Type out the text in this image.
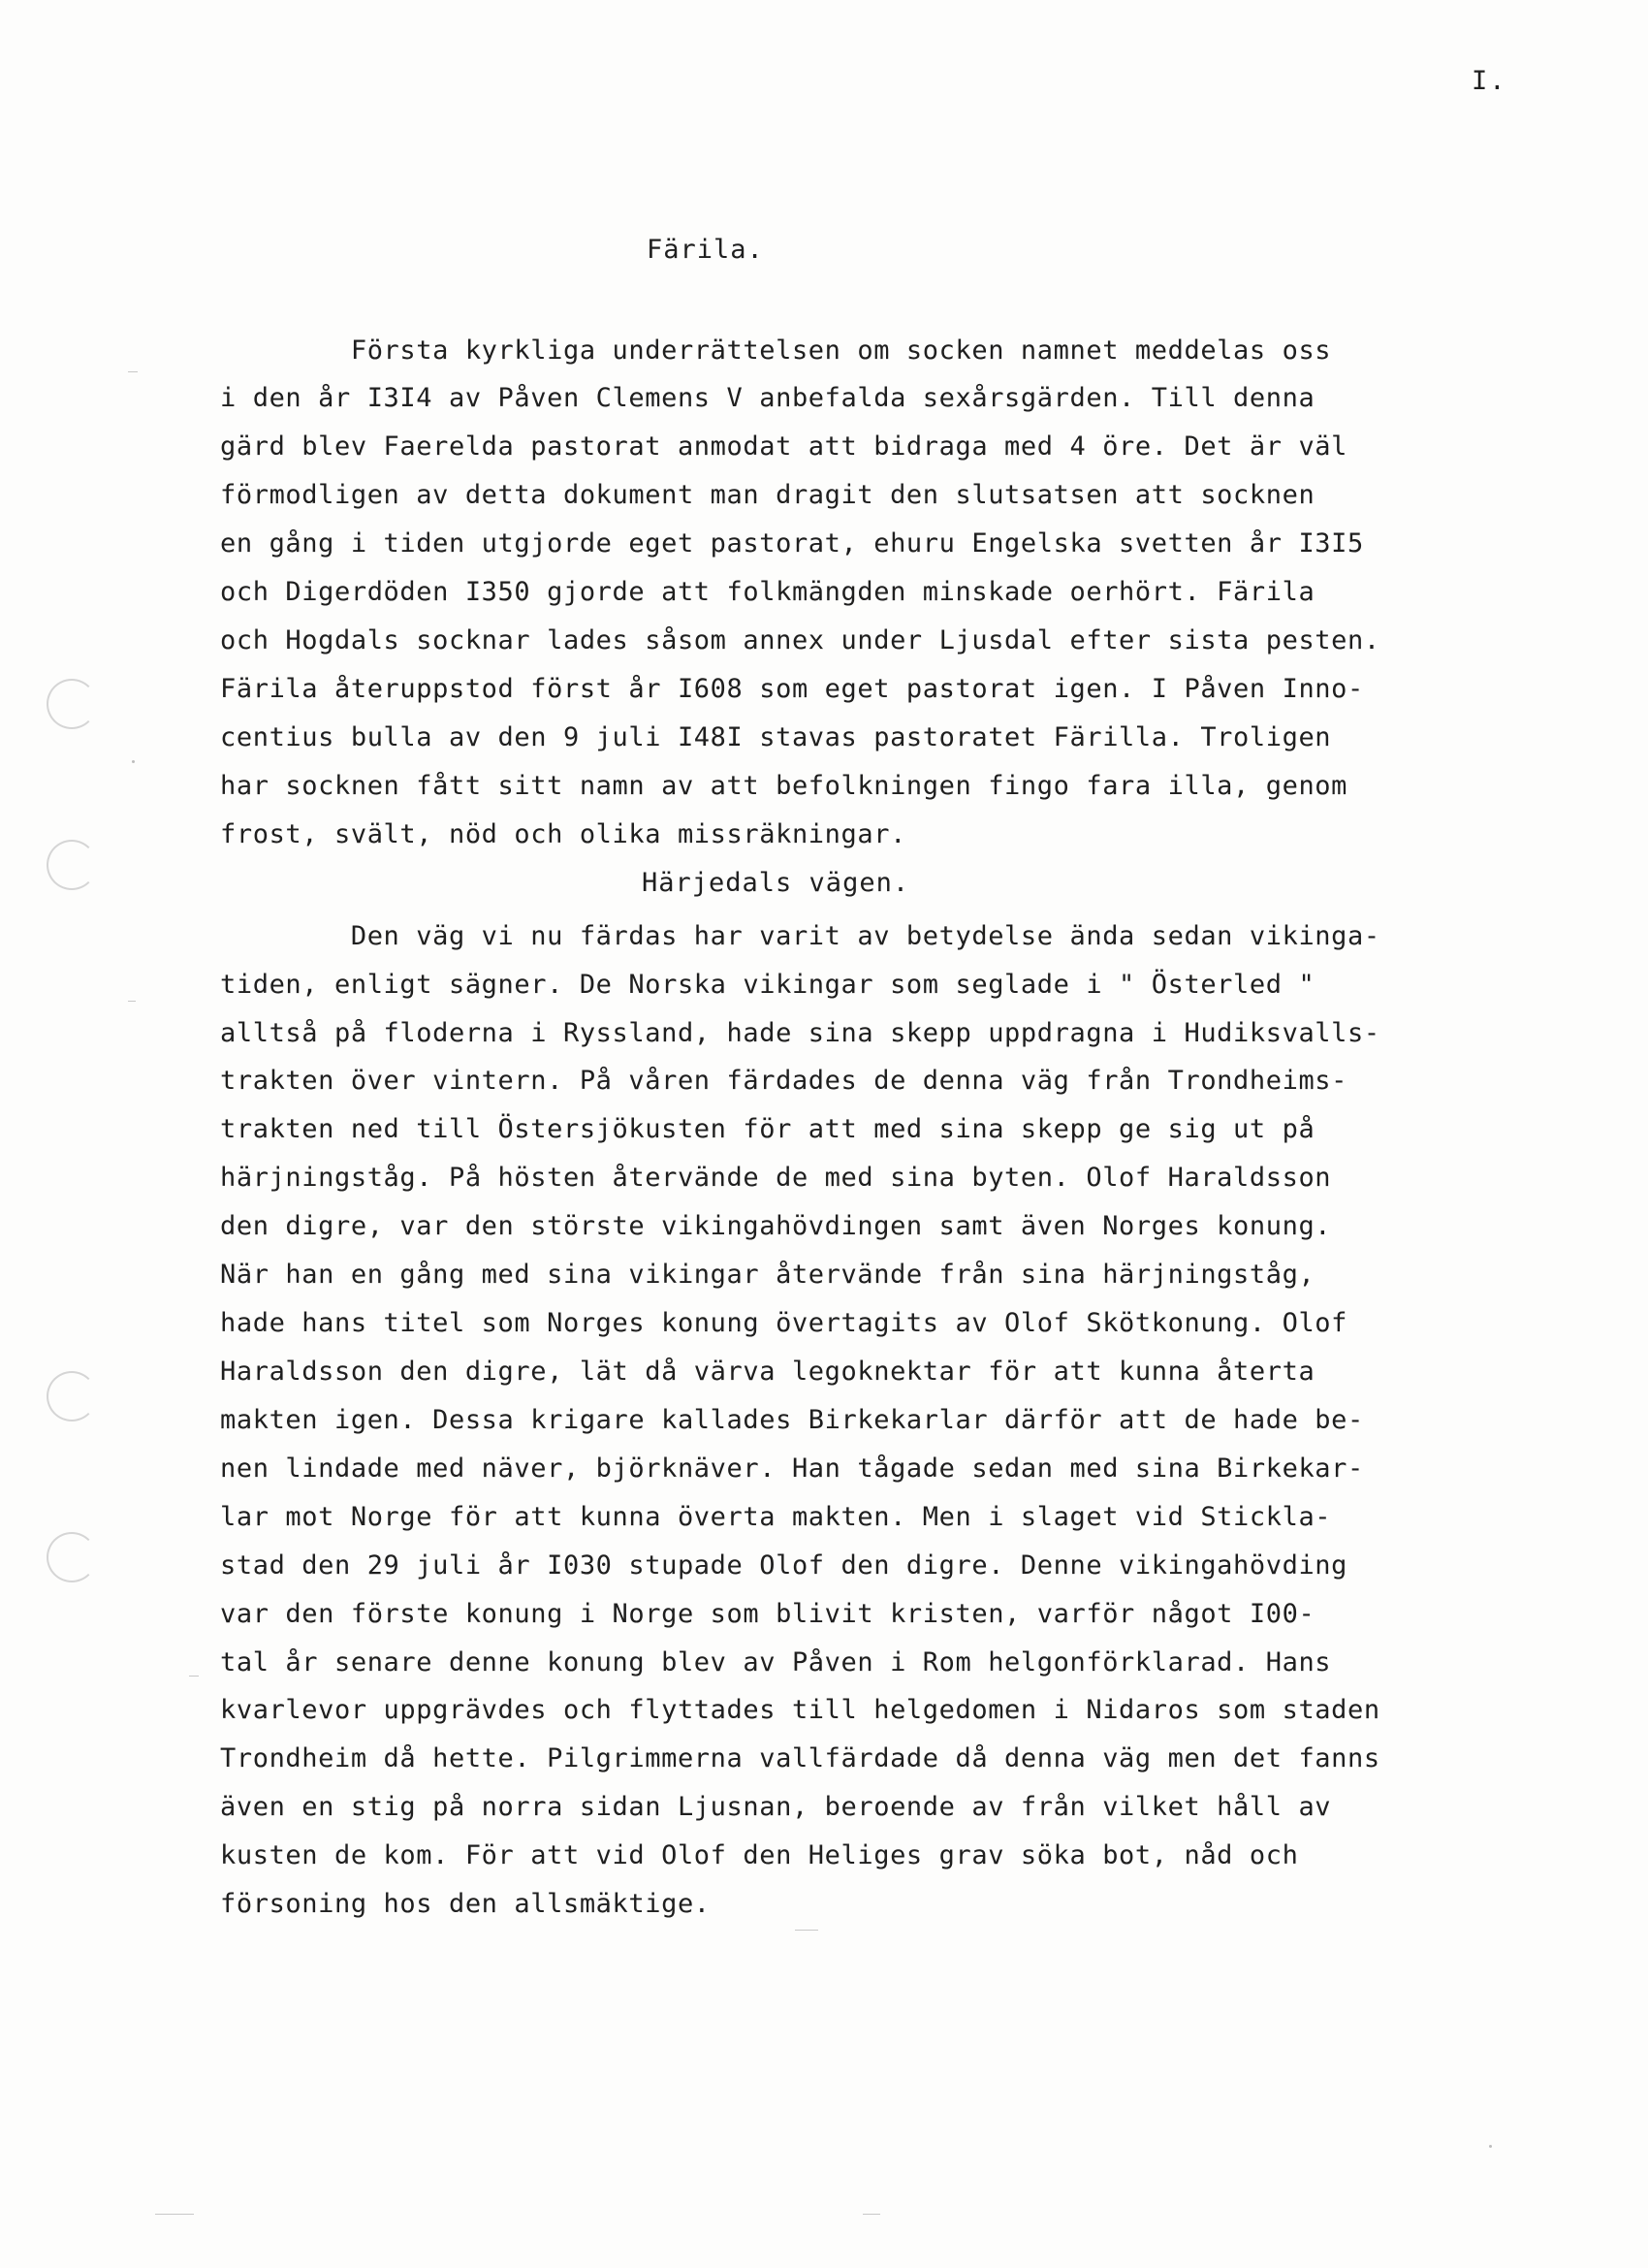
I.
Färila.
Första kyrkliga underrättelsen om socken namnet meddelas oss
i den år I3I4 av Påven Clemens V anbefalda sexårsgärden. Till denna
gärd blev Faerelda pastorat anmodat att bidraga med 4 öre. Det är väl
förmodligen av detta dokument man dragit den slutsatsen att socknen
en gång i tiden utgjorde eget pastorat, ehuru Engelska svetten år I3I5
och Digerdöden I350 gjorde att folkmängden minskade oerhört. Färila
och Hogdals socknar lades såsom annex under Ljusdal efter sista pesten.
Färila återuppstod först år I608 som eget pastorat igen. I Påven Inno-
centius bulla av den 9 juli I48I stavas pastoratet Färilla. Troligen
har socknen fått sitt namn av att befolkningen fingo fara illa, genom
frost, svält, nöd och olika missräkningar.
Härjedals vägen.
Den väg vi nu färdas har varit av betydelse ända sedan vikinga-
tiden, enligt sägner. De Norska vikingar som seglade i " Österled "
alltså på floderna i Ryssland, hade sina skepp uppdragna i Hudiksvalls-
trakten över vintern. På våren färdades de denna väg från Trondheims-
trakten ned till Östersjökusten för att med sina skepp ge sig ut på
härjningståg. På hösten återvände de med sina byten. Olof Haraldsson
den digre, var den störste vikingahövdingen samt även Norges konung.
När han en gång med sina vikingar återvände från sina härjningståg,
hade hans titel som Norges konung övertagits av Olof Skötkonung. Olof
Haraldsson den digre, lät då värva legoknektar för att kunna återta
makten igen. Dessa krigare kallades Birkekarlar därför att de hade be-
nen lindade med näver, björknäver. Han tågade sedan med sina Birkekar-
lar mot Norge för att kunna överta makten. Men i slaget vid Stickla-
stad den 29 juli år I030 stupade Olof den digre. Denne vikingahövding
var den förste konung i Norge som blivit kristen, varför något I00-
tal år senare denne konung blev av Påven i Rom helgonförklarad. Hans
kvarlevor uppgrävdes och flyttades till helgedomen i Nidaros som staden
Trondheim då hette. Pilgrimmerna vallfärdade då denna väg men det fanns
även en stig på norra sidan Ljusnan, beroende av från vilket håll av
kusten de kom. För att vid Olof den Heliges grav söka bot, nåd och
försoning hos den allsmäktige.
